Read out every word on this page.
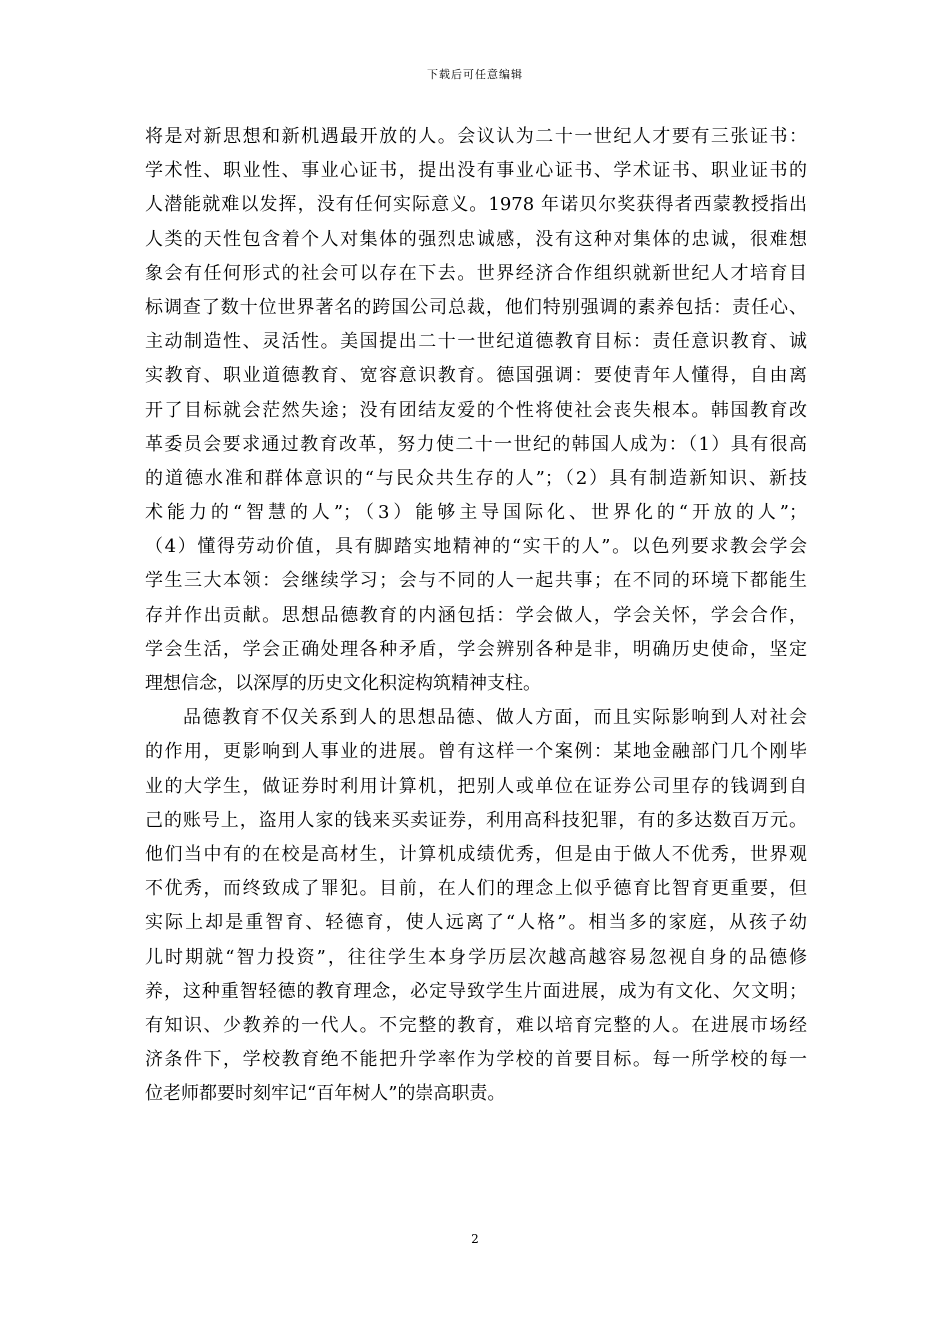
下载后可任意编辑
将是对新思想和新机遇最开放的人。会议认为二十一世纪人才要有三张证书：
学术性、职业性、事业心证书，提出没有事业心证书、学术证书、职业证书的
人潜能就难以发挥，没有任何实际意义。1978 年诺贝尔奖获得者西蒙教授指出
人类的天性包含着个人对集体的强烈忠诚感，没有这种对集体的忠诚，很难想
象会有任何形式的社会可以存在下去。世界经济合作组织就新世纪人才培育目
标调查了数十位世界著名的跨国公司总裁，他们特别强调的素养包括：责任心、
主动制造性、灵活性。美国提出二十一世纪道德教育目标：责任意识教育、诚
实教育、职业道德教育、宽容意识教育。德国强调：要使青年人懂得，自由离
开了目标就会茫然失途；没有团结友爱的个性将使社会丧失根本。韩国教育改
革委员会要求通过教育改革，努力使二十一世纪的韩国人成为：（1）具有很高
的道德水准和群体意识的“与民众共生存的人”；（2）具有制造新知识、新技
术能力的“智慧的人”；（3）能够主导国际化、世界化的“开放的人”；
（4）懂得劳动价值，具有脚踏实地精神的“实干的人”。以色列要求教会学会
学生三大本领：会继续学习；会与不同的人一起共事；在不同的环境下都能生
存并作出贡献。思想品德教育的内涵包括：学会做人，学会关怀，学会合作，
学会生活，学会正确处理各种矛盾，学会辨别各种是非，明确历史使命，坚定
理想信念，以深厚的历史文化积淀构筑精神支柱。
品德教育不仅关系到人的思想品德、做人方面，而且实际影响到人对社会
的作用，更影响到人事业的进展。曾有这样一个案例：某地金融部门几个刚毕
业的大学生，做证券时利用计算机，把别人或单位在证券公司里存的钱调到自
己的账号上，盗用人家的钱来买卖证券，利用高科技犯罪，有的多达数百万元。
他们当中有的在校是高材生，计算机成绩优秀，但是由于做人不优秀，世界观
不优秀，而终致成了罪犯。目前，在人们的理念上似乎德育比智育更重要，但
实际上却是重智育、轻德育，使人远离了“人格”。相当多的家庭，从孩子幼
儿时期就“智力投资”，往往学生本身学历层次越高越容易忽视自身的品德修
养，这种重智轻德的教育理念，必定导致学生片面进展，成为有文化、欠文明；
有知识、少教养的一代人。不完整的教育，难以培育完整的人。在进展市场经
济条件下，学校教育绝不能把升学率作为学校的首要目标。每一所学校的每一
位老师都要时刻牢记“百年树人”的崇高职责。
2
